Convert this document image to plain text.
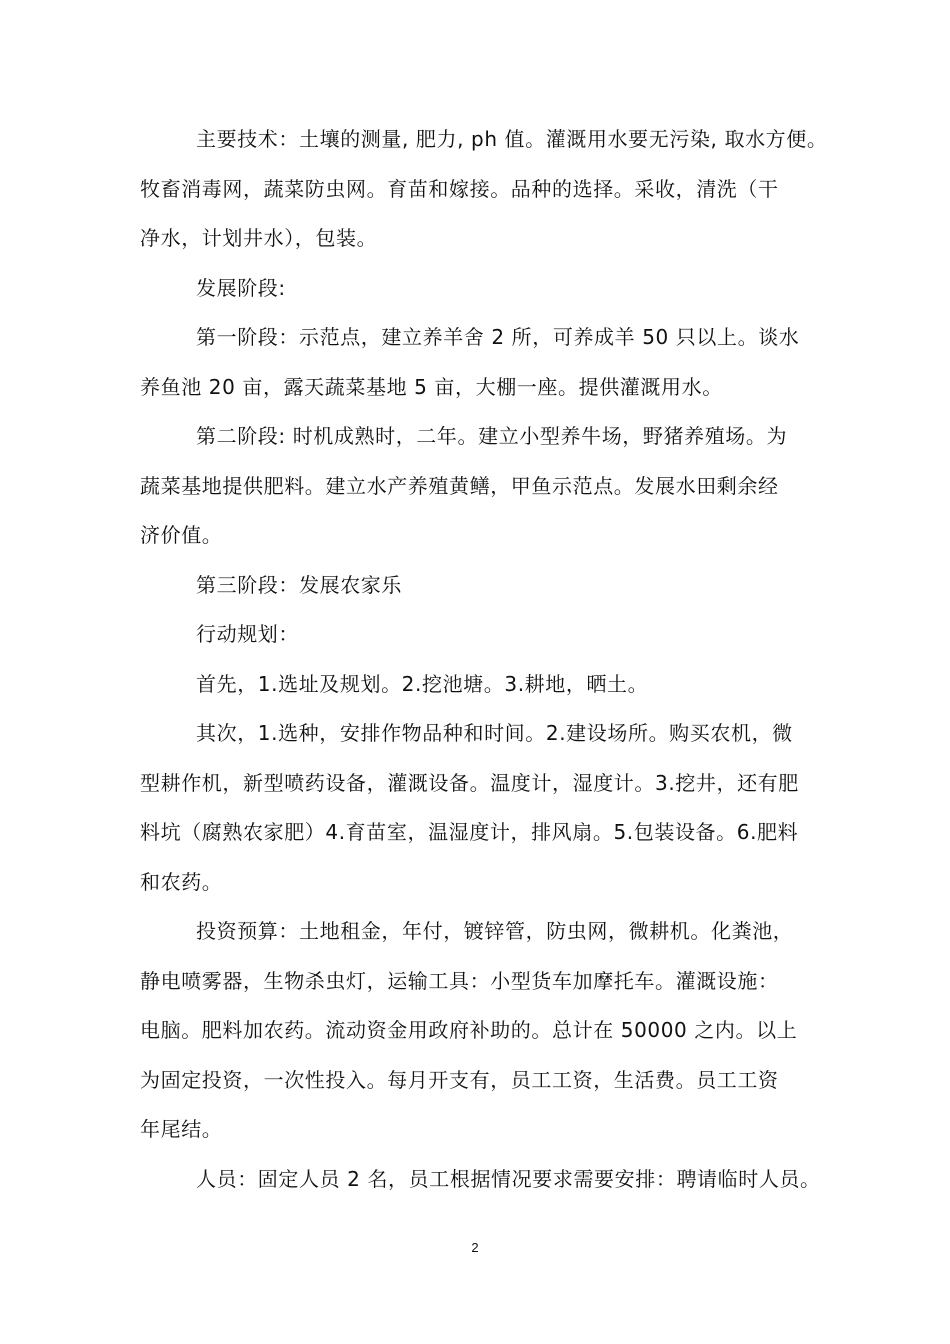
主要技术：土壤的测量, 肥力, ph 值。灌溉用水要无污染, 取水方便。
牧畜消毒网，蔬菜防虫网。育苗和嫁接。品种的选择。采收，清洗（干
净水，计划井水），包装。
发展阶段:
第一阶段：示范点，建立养羊舍 2 所，可养成羊 50 只以上。谈水
养鱼池 20 亩，露天蔬菜基地 5 亩，大棚一座。提供灌溉用水。
第二阶段: 时机成熟时，二年。建立小型养牛场，野猪养殖场。为
蔬菜基地提供肥料。建立水产养殖黄鳝，甲鱼示范点。发展水田剩余经
济价值。
第三阶段：发展农家乐
行动规划：
首先，1.选址及规划。2.挖池塘。3.耕地，晒土。
其次，1.选种，安排作物品种和时间。2.建设场所。购买农机，微
型耕作机，新型喷药设备，灌溉设备。温度计，湿度计。3.挖井，还有肥
料坑（腐熟农家肥）4.育苗室，温湿度计，排风扇。5.包装设备。6.肥料
和农药。
投资预算：土地租金，年付，镀锌管，防虫网，微耕机。化粪池，
静电喷雾器，生物杀虫灯，运输工具：小型货车加摩托车。灌溉设施：
电脑。肥料加农药。流动资金用政府补助的。总计在 50000 之内。以上
为固定投资，一次性投入。每月开支有，员工工资，生活费。员工工资
年尾结。
人员：固定人员 2 名，员工根据情况要求需要安排：聘请临时人员。
2
